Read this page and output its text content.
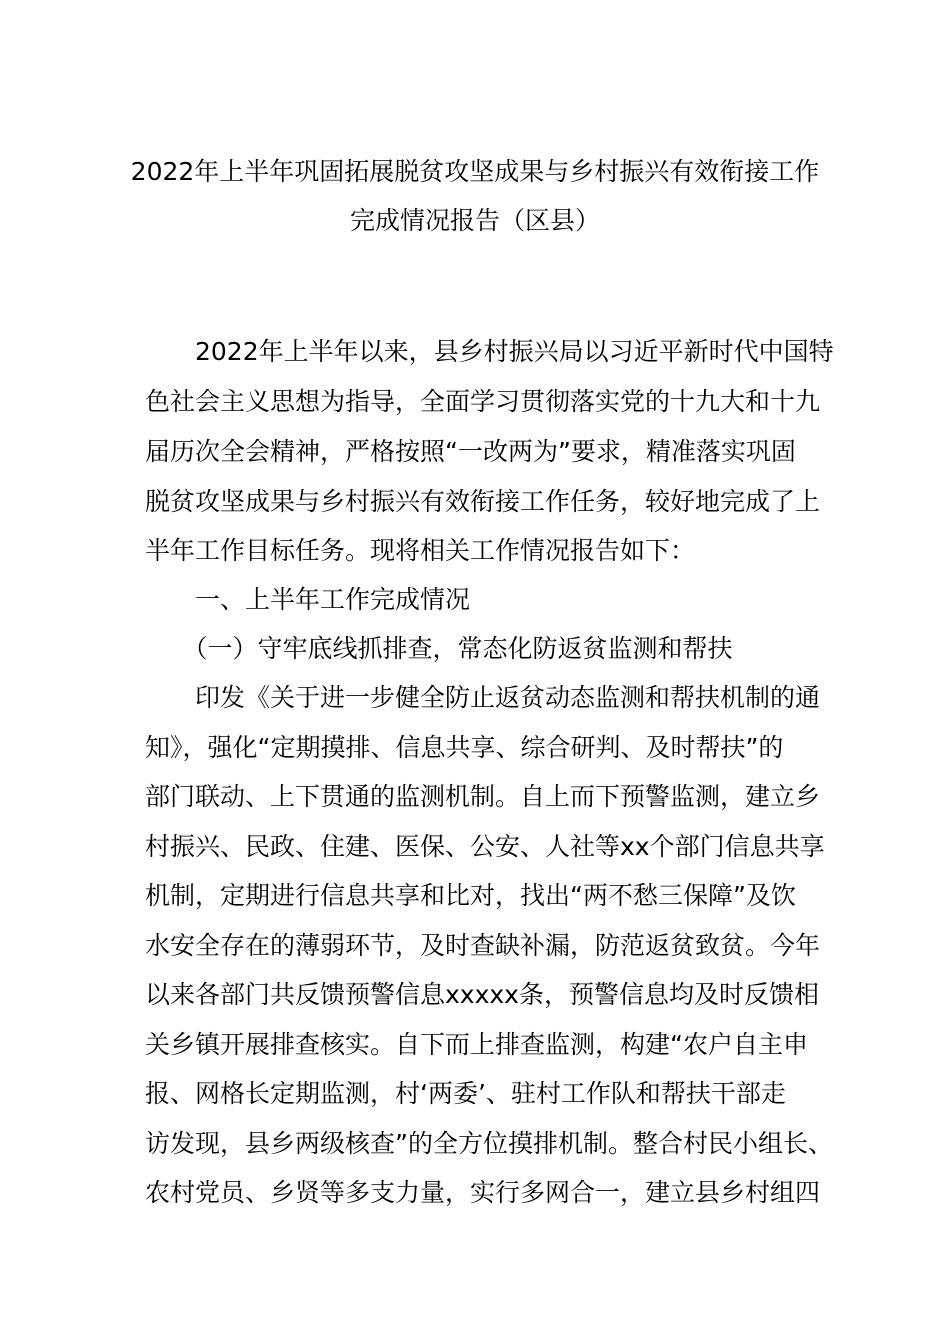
2022年上半年巩固拓展脱贫攻坚成果与乡村振兴有效衔接工作
完成情况报告（区县）
　　2022年上半年以来，县乡村振兴局以习近平新时代中国特
色社会主义思想为指导，全面学习贯彻落实党的十九大和十九
届历次全会精神，严格按照“一改两为”要求，精准落实巩固
脱贫攻坚成果与乡村振兴有效衔接工作任务，较好地完成了上
半年工作目标任务。现将相关工作情况报告如下：
　　一、上半年工作完成情况
　　（一）守牢底线抓排查，常态化防返贫监测和帮扶
　　印发《关于进一步健全防止返贫动态监测和帮扶机制的通
知》，强化“定期摸排、信息共享、综合研判、及时帮扶”的
部门联动、上下贯通的监测机制。自上而下预警监测，建立乡
村振兴、民政、住建、医保、公安、人社等xx个部门信息共享
机制，定期进行信息共享和比对，找出“两不愁三保障”及饮
水安全存在的薄弱环节，及时查缺补漏，防范返贫致贫。今年
以来各部门共反馈预警信息xxxxx条，预警信息均及时反馈相
关乡镇开展排查核实。自下而上排查监测，构建“农户自主申
报、网格长定期监测，村‘两委’、驻村工作队和帮扶干部走
访发现，县乡两级核查”的全方位摸排机制。整合村民小组长、
农村党员、乡贤等多支力量，实行多网合一，建立县乡村组四
